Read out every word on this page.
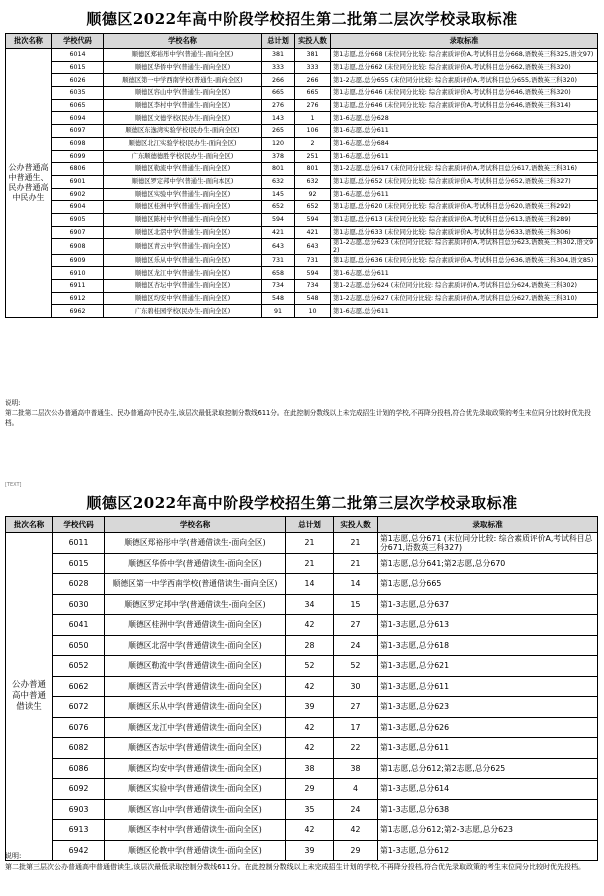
顺德区2022年高中阶段学校招生第二批第二层次学校录取标准
批次名称	学校代码	学校名称	总计划	实投人数	录取标准
公办普通高中普通生、民办普通高中民办生	6014	顺德区郑裕彤中学(普通生-面向全区)	381	381	第1志愿,总分668 (末位同分比较: 综合素质评价A,考试科目总分668,语数英三科325,语文97)
	6015	顺德区华侨中学(普通生-面向全区)	333	333	第1志愿,总分662 (末位同分比较: 综合素质评价A,考试科目总分662,语数英三科320)
	6026	顺德区第一中学西南学校(普通生-面向全区)	266	266	第1-2志愿,总分655 (末位同分比较: 综合素质评价A,考试科目总分655,语数英三科320)
	6035	顺德区容山中学(普通生-面向全区)	665	665	第1志愿,总分646 (末位同分比较: 综合素质评价A,考试科目总分646,语数英三科320)
	6065	顺德区李村中学(普通生-面向全区)	276	276	第1志愿,总分646 (末位同分比较: 综合素质评价A,考试科目总分646,语数英三科314)
	6094	顺德区文德学校(民办生-面向全区)	143	1	第1-6志愿,总分628
	6097	顺德区东逸湾实验学校(民办生-面向全区)	265	106	第1-6志愿,总分611
	6098	顺德区北江实验学校(民办生-面向全区)	120	2	第1-6志愿,总分684
	6099	广东顺德德胜学校(民办生-面向全区)	378	251	第1-6志愿,总分611
	6806	顺德区勒流中学(普通生-面向全区)	801	801	第1-2志愿,总分617 (末位同分比较: 综合素质评价A,考试科目总分617,语数英三科316)
	6901	顺德区罗定邦中学(普通生-面向本区)	632	632	第1志愿,总分652 (末位同分比较: 综合素质评价A,考试科目总分652,语数英三科327)
	6902	顺德区实验中学(普通生-面向全区)	145	92	第1-6志愿,总分611
	6904	顺德区桂洲中学(普通生-面向全区)	652	652	第1志愿,总分620 (末位同分比较: 综合素质评价A,考试科目总分620,语数英三科292)
	6905	顺德区陈村中学(普通生-面向全区)	594	594	第1志愿,总分613 (末位同分比较: 综合素质评价A,考试科目总分613,语数英三科289)
	6907	顺德区北滘中学(普通生-面向全区)	421	421	第1志愿,总分633 (末位同分比较: 综合素质评价A,考试科目总分633,语数英三科306)
	6908	顺德区青云中学(普通生-面向全区)	643	643	第1-2志愿,总分623 (末位同分比较: 综合素质评价A,考试科目总分623,语数英三科302,语文92)
	6909	顺德区乐从中学(普通生-面向全区)	731	731	第1志愿,总分636 (末位同分比较: 综合素质评价A,考试科目总分636,语数英三科304,语文85)
	6910	顺德区龙江中学(普通生-面向全区)	658	594	第1-6志愿,总分611
	6911	顺德区杏坛中学(普通生-面向全区)	734	734	第1-2志愿,总分624 (末位同分比较: 综合素质评价A,考试科目总分624,语数英三科302)
	6912	顺德区均安中学(普通生-面向全区)	548	548	第1-2志愿,总分627 (末位同分比较: 综合素质评价A,考试科目总分627,语数英三科310)
	6962	广东碧桂园学校(民办生-面向全区)	91	10	第1-6志愿,总分611
说明:
第二批第二层次公办普通高中普通生、民办普通高中民办生,该层次最低录取控制分数线611分。在此控制分数线以上未完成招生计划的学校,不再降分投档,符合优先录取政策的考生末位同分比较时优先投档。
[TEXT]
顺德区2022年高中阶段学校招生第二批第三层次学校录取标准
批次名称	学校代码	学校名称	总计划	实投人数	录取标准
公办普通高中普通借读生	6011	顺德区郑裕彤中学(普通借读生-面向全区)	21	21	第1志愿,总分671 (末位同分比较: 综合素质评价A,考试科目总分671,语数英三科327)
	6015	顺德区华侨中学(普通借读生-面向全区)	21	21	第1志愿,总分641;第2志愿,总分670
	6028	顺德区第一中学西南学校(普通借读生-面向全区)	14	14	第1志愿,总分665
	6030	顺德区罗定邦中学(普通借读生-面向全区)	34	15	第1-3志愿,总分637
	6041	顺德区桂洲中学(普通借读生-面向全区)	42	27	第1-3志愿,总分613
	6050	顺德区北滘中学(普通借读生-面向全区)	28	24	第1-3志愿,总分618
	6052	顺德区勒流中学(普通借读生-面向全区)	52	52	第1-3志愿,总分621
	6062	顺德区青云中学(普通借读生-面向全区)	42	30	第1-3志愿,总分611
	6072	顺德区乐从中学(普通借读生-面向全区)	39	27	第1-3志愿,总分623
	6076	顺德区龙江中学(普通借读生-面向全区)	42	17	第1-3志愿,总分626
	6082	顺德区杏坛中学(普通借读生-面向全区)	42	22	第1-3志愿,总分611
	6086	顺德区均安中学(普通借读生-面向全区)	38	38	第1志愿,总分612;第2志愿,总分625
	6092	顺德区实验中学(普通借读生-面向全区)	29	4	第1-3志愿,总分614
	6903	顺德区容山中学(普通借读生-面向全区)	35	24	第1-3志愿,总分638
	6913	顺德区李村中学(普通借读生-面向全区)	42	42	第1志愿,总分612;第2-3志愿,总分623
	6942	顺德区伦教中学(普通借读生-面向全区)	39	29	第1-3志愿,总分612
说明:
第二批第三层次公办普通高中普通借读生,该层次最低录取控制分数线611分。在此控制分数线以上未完成招生计划的学校,不再降分投档,符合优先录取政策的考生末位同分比较时优先投档。
